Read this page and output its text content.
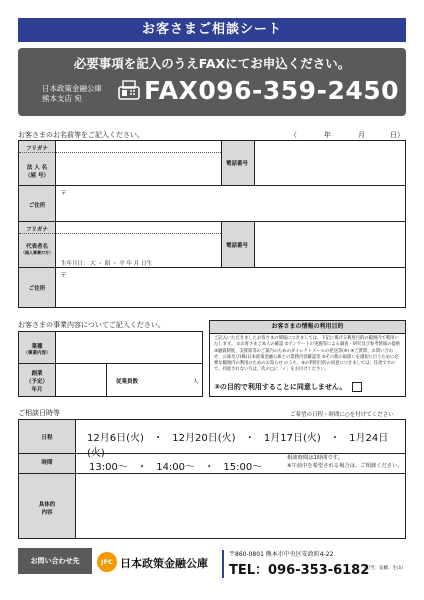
お客さまご相談シート
必要事項を記入のうえFAXにてお申込ください。
日本政策金融公庫
熊本支店 宛	FAX096-359-2450
お客さまのお名前等をご記入ください。	（	年	月	日）
フリガナ
法 人 名
（屋 号）
電話番号
ご住所
〒
フリガナ
代表者名
（個人事業の方）
生年月日： 大 ・ 昭 ・ 平 年 月 日生
電話番号
ご住所
〒
お客さまの事業内容についてご記入ください。
業種
（事業内容）
創業
（予定）
年月
従業員数	人
お客さまの情報の利用目的
ご記入いただきましたお客さまの情報につきましては、下記に掲げる利用目的の範囲内で利用いたします。 ①お客さまご本人の確認 ②アンケートの実施等による調査・研究及び参考情報の提供 ③融資制度、支援策等のご案内のためのダイレクトメールの発送等(※) ④ご質問、お問い合わせ、公庫及び(株)日本政策金融公庫との業務内容確認等 ⑤その他の取扱いを適切に行うために必要な範囲内の利用のためのお知らせ のうち、③の利用目的の同意につきましては、任意ですので、同意されない方は、次の□に「✓」をお付けください。
③の目的で利用することに同意しません。
ご相談日時等	ご希望の日程・時間に○を付けてください
日程	12月6日(火) ・ 12月20日(火) ・ 1月17日(火) ・ 1月24日(火)
時間	13:00〜 ・ 14:00〜 ・ 15:00〜
相談時間は1時間です。
※午前中を希望される場合は、ご相談ください。
具体的
内容
お問い合わせ先	JFC 日本政策金融公庫
〒860-0801 熊本市中央区安政町4-22
TEL：096-353-6182
（担当：安藤、生山）
